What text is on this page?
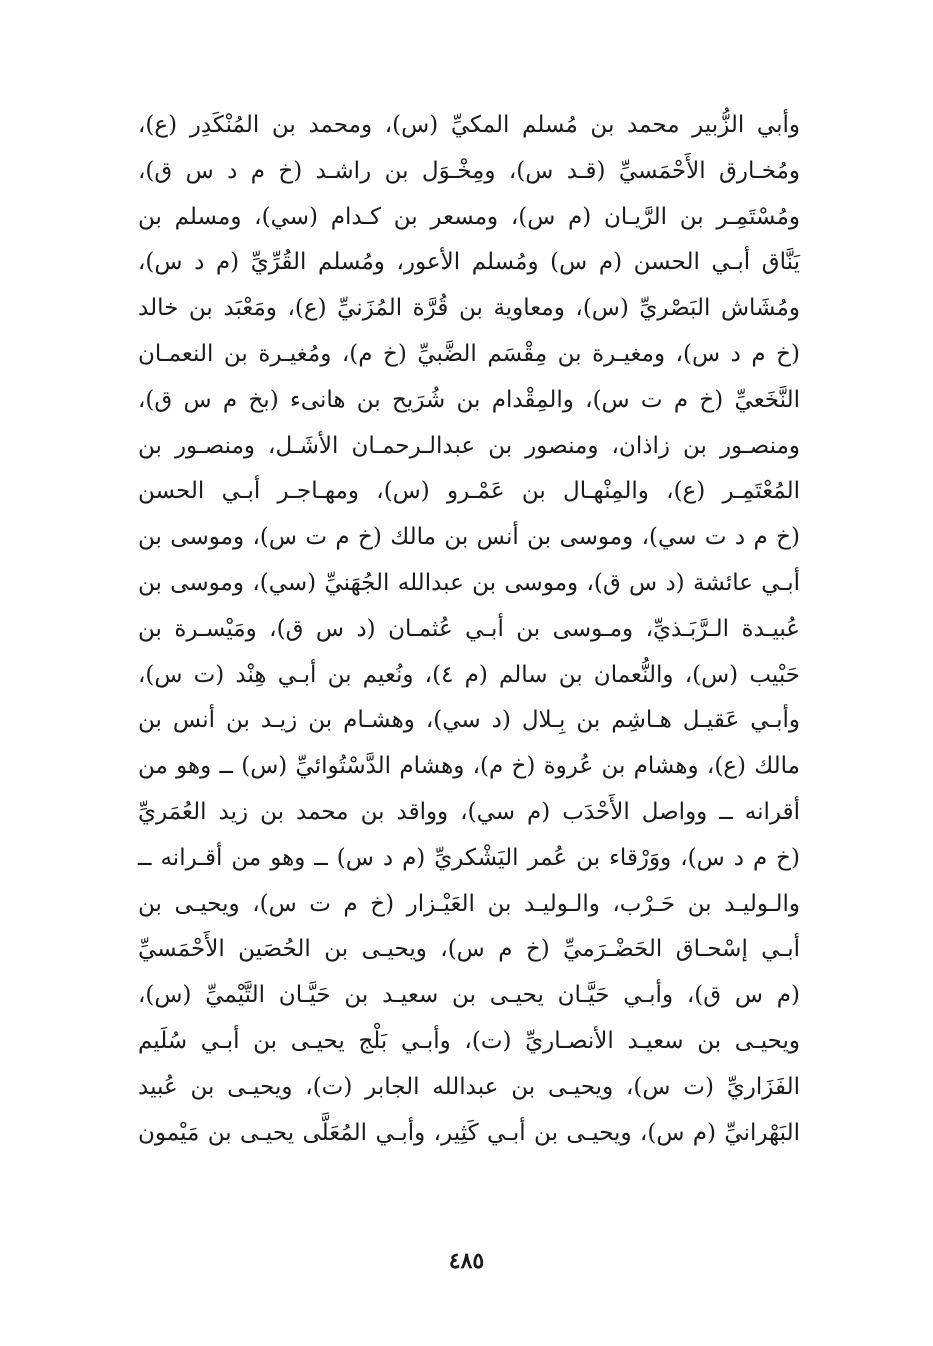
وأبي الزُّبير محمد بن مُسلم المكيِّ (س)، ومحمد بن المُنْكَدِر (ع)،
ومُخـارق الأَحْمَسيِّ (قـد س)، ومِخْـوَل بن راشـد (خ م د س ق)،
ومُسْتَمِـر بن الرَّيـان (م س)، ومسعر بن كـدام (سي)، ومسلم بن
يَنَّاق أبـي الحسن (م س) ومُسلم الأعور، ومُسلم القُرِّيِّ (م د س)،
ومُشَاش البَصْريِّ (س)، ومعاوية بن قُرَّة المُزَنيِّ (ع)، ومَعْبَد بن خالد
(خ م د س)، ومغيـرة بن مِقْسَم الضَّبيِّ (خ م)، ومُغيـرة بن النعمـان
النَّخَعيِّ (خ م ت س)، والمِقْدام بن شُرَيح بن هانىء (بخ م س ق)،
ومنصـور بن زاذان، ومنصور بن عبدالـرحمـان الأشَـل، ومنصـور بن
المُعْتَمِـر (ع)، والمِنْهـال بن عَمْـرو (س)، ومهـاجـر أبـي الحسن
(خ م د ت سي)، وموسى بن أنس بن مالك (خ م ت س)، وموسى بن
أبـي عائشة (د س ق)، وموسى بن عبدالله الجُهَنيِّ (سي)، وموسى بن
عُبيـدة الـرَّبَـذيِّ، ومـوسى بن أبـي عُثمـان (د س ق)، ومَيْسـرة بن
حَبْيب (س)، والنُّعمان بن سالم (م ٤)، ونُعيم بن أبـي هِنْد (ت س)،
وأبـي عَقيـل هـاشِم بن بِـلال (د سي)، وهشـام بن زيـد بن أنس بن
مالك (ع)، وهشام بن عُروة (خ م)، وهشام الدَّسْتُوائيِّ (س) ــ وهو من
أقرانه ــ وواصل الأَحْدَب (م سي)، وواقد بن محمد بن زيد العُمَريِّ
(خ م د س)، ووَرْقاء بن عُمر اليَشْكريِّ (م د س) ــ وهو من أقـرانه ــ
والـوليـد بن حَـرْب، والـوليـد بن العَيْـزار (خ م ت س)، ويحيـى بن
أبـي إسْحـاق الحَضْـرَميِّ (خ م س)، ويحيـى بن الحُصَين الأَحْمَسيِّ
(م س ق)، وأبـي حَيَّـان يحيـى بن سعيـد بن حَيَّـان التَّيْميِّ (س)،
ويحيـى بن سعيـد الأنصـاريِّ (ت)، وأبـي بَلْج يحيـى بن أبـي سُلَيم
الفَزَاريِّ (ت س)، ويحيـى بن عبدالله الجابر (ت)، ويحيـى بن عُبيد
البَهْرانيِّ (م س)، ويحيـى بن أبـي كَثِير، وأبـي المُعَلَّى يحيـى بن مَيْمون
٤٨٥
